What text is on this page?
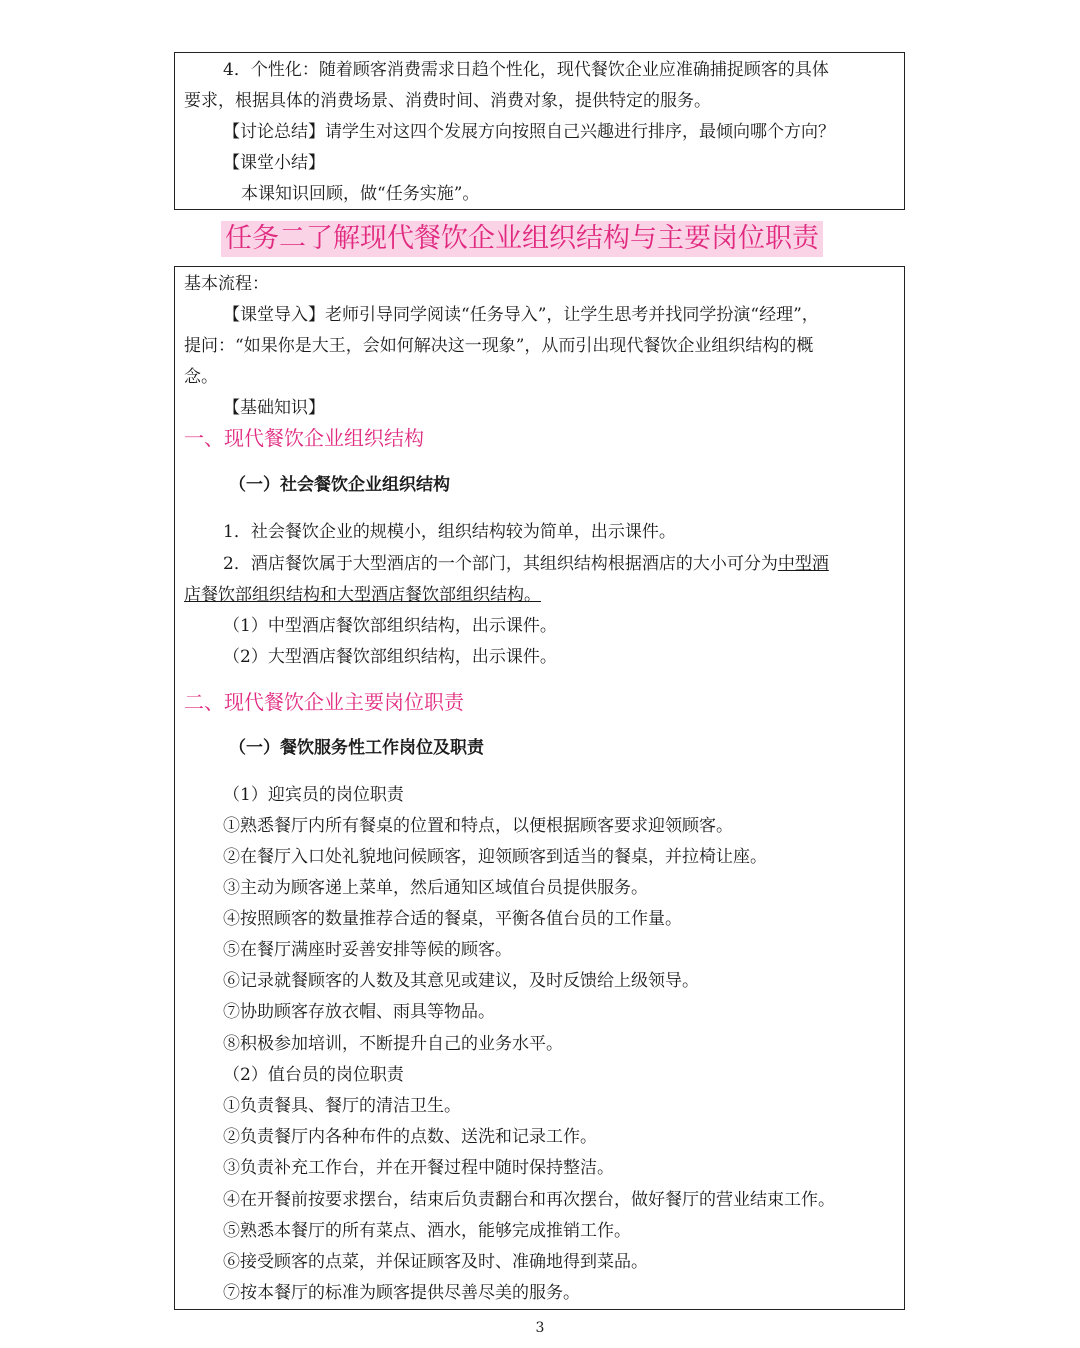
4．个性化：随着顾客消费需求日趋个性化，现代餐饮企业应准确捕捉顾客的具体
要求，根据具体的消费场景、消费时间、消费对象，提供特定的服务。
【讨论总结】请学生对这四个发展方向按照自己兴趣进行排序，最倾向哪个方向？
【课堂小结】
本课知识回顾，做“任务实施”。
任务二了解现代餐饮企业组织结构与主要岗位职责
基本流程：
【课堂导入】老师引导同学阅读“任务导入”，让学生思考并找同学扮演“经理”，
提问：“如果你是大王，会如何解决这一现象”，从而引出现代餐饮企业组织结构的概
念。
【基础知识】
一、现代餐饮企业组织结构
（一）社会餐饮企业组织结构
1．社会餐饮企业的规模小，组织结构较为简单，出示课件。
2．酒店餐饮属于大型酒店的一个部门，其组织结构根据酒店的大小可分为中型酒
店餐饮部组织结构和大型酒店餐饮部组织结构。
（1）中型酒店餐饮部组织结构，出示课件。
（2）大型酒店餐饮部组织结构，出示课件。
二、现代餐饮企业主要岗位职责
（一）餐饮服务性工作岗位及职责
（1）迎宾员的岗位职责
①熟悉餐厅内所有餐桌的位置和特点，以便根据顾客要求迎领顾客。
②在餐厅入口处礼貌地问候顾客，迎领顾客到适当的餐桌，并拉椅让座。
③主动为顾客递上菜单，然后通知区域值台员提供服务。
④按照顾客的数量推荐合适的餐桌，平衡各值台员的工作量。
⑤在餐厅满座时妥善安排等候的顾客。
⑥记录就餐顾客的人数及其意见或建议，及时反馈给上级领导。
⑦协助顾客存放衣帽、雨具等物品。
⑧积极参加培训，不断提升自己的业务水平。
（2）值台员的岗位职责
①负责餐具、餐厅的清洁卫生。
②负责餐厅内各种布件的点数、送洗和记录工作。
③负责补充工作台，并在开餐过程中随时保持整洁。
④在开餐前按要求摆台，结束后负责翻台和再次摆台，做好餐厅的营业结束工作。
⑤熟悉本餐厅的所有菜点、酒水，能够完成推销工作。
⑥接受顾客的点菜，并保证顾客及时、准确地得到菜品。
⑦按本餐厅的标准为顾客提供尽善尽美的服务。
3
